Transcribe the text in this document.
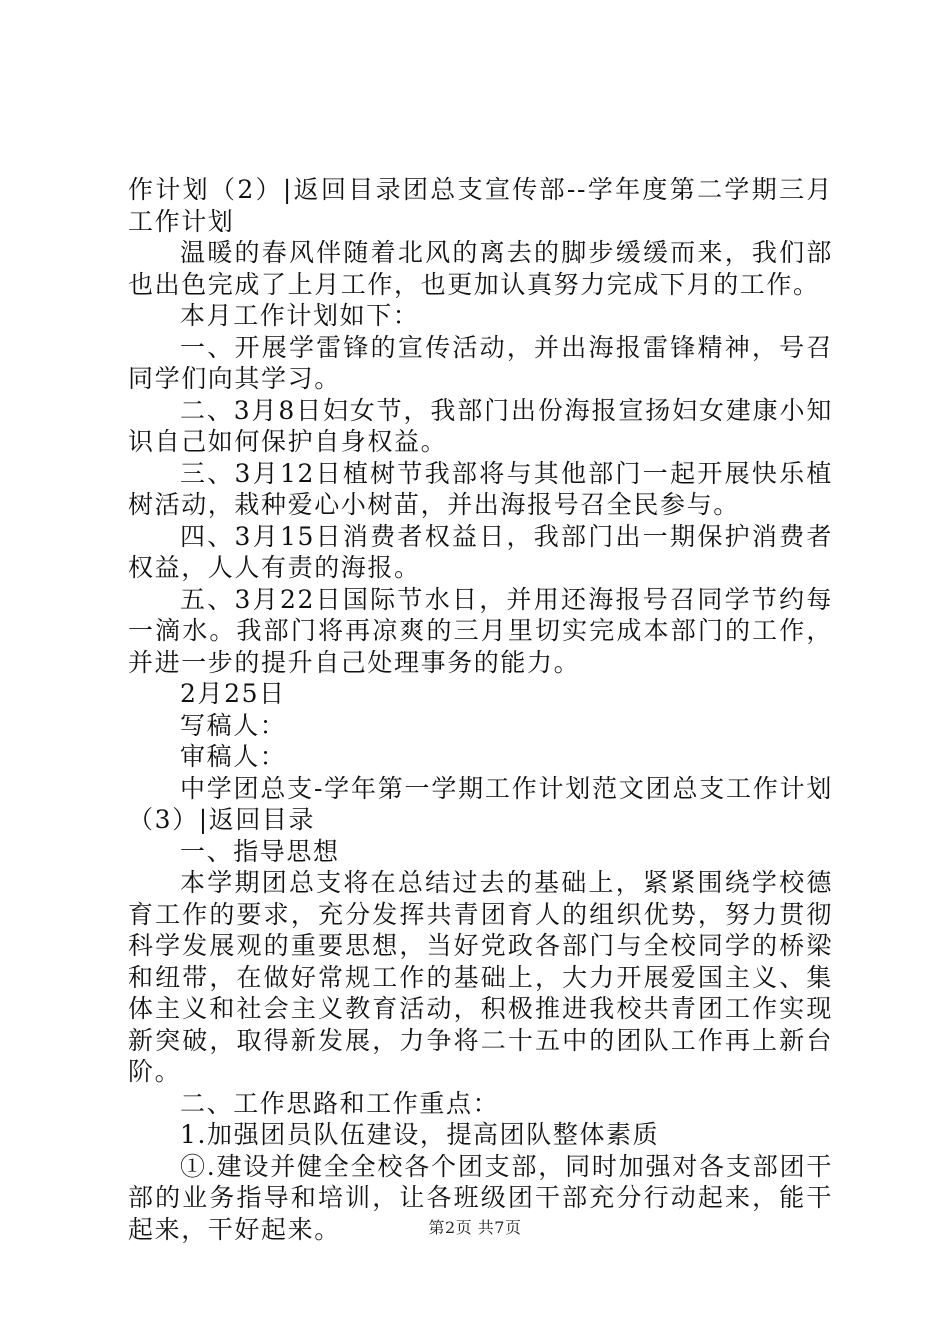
作计划（2）|返回目录团总支宣传部--学年度第二学期三月工作计划

温暖的春风伴随着北风的离去的脚步缓缓而来，我们部也出色完成了上月工作，也更加认真努力完成下月的工作。

本月工作计划如下：

一、开展学雷锋的宣传活动，并出海报雷锋精神，号召同学们向其学习。

二、3月8日妇女节，我部门出份海报宣扬妇女建康小知识自己如何保护自身权益。

三、3月12日植树节我部将与其他部门一起开展快乐植树活动，栽种爱心小树苗，并出海报号召全民参与。

四、3月15日消费者权益日，我部门出一期保护消费者权益，人人有责的海报。

五、3月22日国际节水日，并用还海报号召同学节约每一滴水。我部门将再凉爽的三月里切实完成本部门的工作，并进一步的提升自己处理事务的能力。

2月25日

写稿人：

审稿人：

中学团总支-学年第一学期工作计划范文团总支工作计划（3）|返回目录

一、指导思想

本学期团总支将在总结过去的基础上，紧紧围绕学校德育工作的要求，充分发挥共青团育人的组织优势，努力贯彻科学发展观的重要思想，当好党政各部门与全校同学的桥梁和纽带，在做好常规工作的基础上，大力开展爱国主义、集体主义和社会主义教育活动，积极推进我校共青团工作实现新突破，取得新发展，力争将二十五中的团队工作再上新台阶。

二、工作思路和工作重点：

1.加强团员队伍建设，提高团队整体素质

①.建设并健全全校各个团支部，同时加强对各支部团干部的业务指导和培训，让各班级团干部充分行动起来，能干起来，干好起来。	第2页 共7页
